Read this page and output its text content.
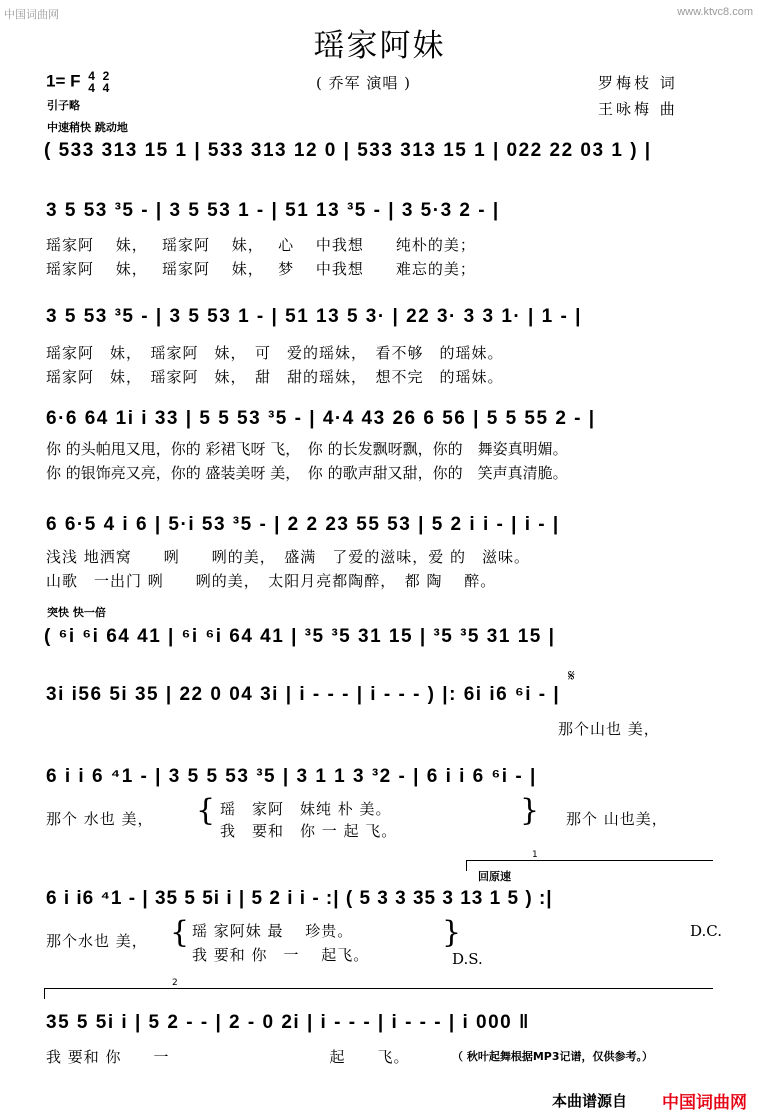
中国词曲网	www.ktvc8.com
瑶家阿妹
1= F 4
4

2
4	( 乔军 演唱 )	罗梅枝 词
王咏梅 曲
引子略
中速稍快 跳动地
突快 快一倍
回原速
( 533 313 15 1 | 533 313 12 0 | 533 313 15 1 | 022 22 03 1 ) |
3 5 53 ³5 - | 3 5 53 1 - | 51 13 ³5 - | 3 5·3 2 - |
瑶家阿　 妹，　 瑶家阿　 妹，　 心　 中我想　　纯朴的美；
瑶家阿　 妹，　 瑶家阿　 妹，　 梦　 中我想　　难忘的美；
3 5 53 ³5 - | 3 5 53 1 - | 51 13 5 3· | 22 3· 3 3 1· | 1 - |
瑶家阿　妹，　瑶家阿　妹，　可　爱的瑶妹，　看不够　的瑶妹。
瑶家阿　妹，　瑶家阿　妹，　甜　甜的瑶妹，　想不完　的瑶妹。
6·6 64 1i i 33 | 5 5 53 ³5 - | 4·4 43 26 6 56 | 5 5 55 2 - |
你 的头帕甩又甩，你的 彩裙飞呀 飞，　你 的长发飘呀飘，你的　舞姿真明媚。
你 的银饰亮又亮，你的 盛装美呀 美，　你 的歌声甜又甜，你的　笑声真清脆。
6 6·5 4 i 6 | 5·i 53 ³5 - | 2 2 23 55 53 | 5 2 i i - | i - |
浅浅 地洒窝　　咧　　咧的美，　盛满　了爱的滋味，爱 的　滋味。
山歌　一出门 咧　　咧的美，　太阳月亮都陶醉，　都 陶　 醉。
( ⁶i ⁶i 64 41 | ⁶i ⁶i 64 41 | ³5 ³5 31 15 | ³5 ³5 31 15 |
3i i56 5i 35 | 22 0 04 3i | i - - - | i - - - ) |: 6i i6 ⁶i - |
𝄋
　　　　　　　　　　　　　　　　　　　　　　　　　　　　　　　　那个山也 美，
6 i i 6 ⁴1 - | 3 5 5 53 ³5 | 3 1 1 3 ³2 - | 6 i i 6 ⁶i - |
那个 水也 美， { 瑶　家阿　妹纯 朴 美。
我　要和　你 一 起 飞。
} 那个 山也美，
1
6 i i6 ⁴1 - | 35 5 5i i | 5 2 i i - :| ( 5 3 3 35 3 13 1 5 ) :|
那个水也 美， { 瑶 家阿妹 最　 珍贵。
我 要和 你　一　 起飞。
}	D.C.
D.S.
2
35 5 5i i | 5 2 - - | 2 - 0 2i | i - - - | i - - - | i 000 ‖
我 要和 你　　一　　　　　　　　　　起　　飞。	（ 秋叶起舞根据MP3记谱，仅供参考。）
本曲谱源自 中国词曲网
